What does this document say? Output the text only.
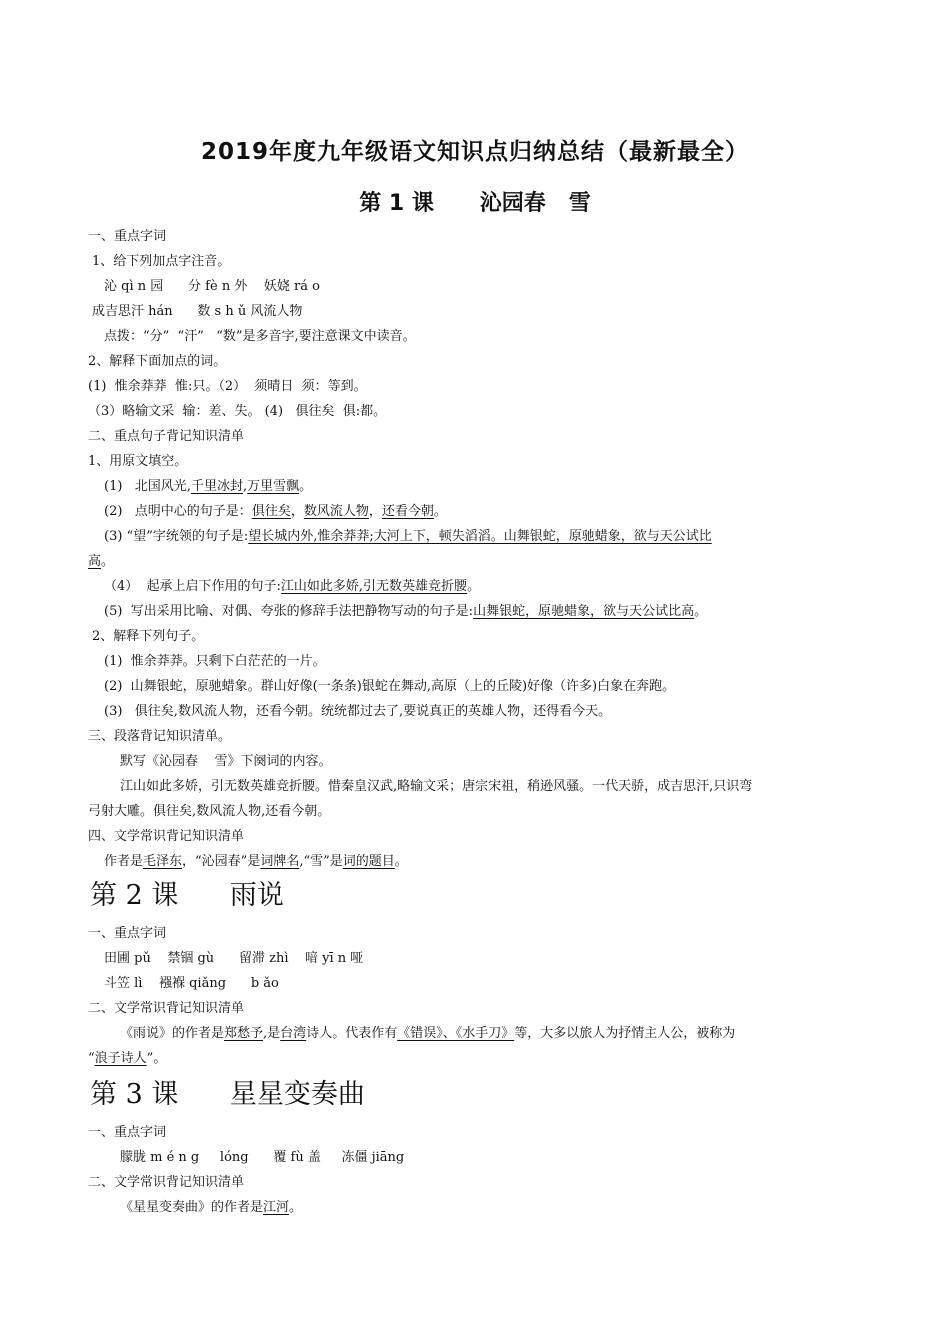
2019年度九年级语文知识点归纳总结（最新最全）
第 1 课      沁园春   雪
一、重点字词
1、给下列加点字注音。
沁 qì n 园      分 fè n 外    妖娆 rá o
成吉思汗 hán      数 s h ǔ 风流人物
点拨：“分”  “汗”   “数”是多音字,要注意课文中读音。
2、解释下面加点的词。
(1)  惟余莽莽  惟:只。（2）  须晴日  须：等到。
（3）略输文采  输：差、失。 (4)   俱往矣  俱:都。
二、重点句子背记知识清单
1、用原文填空。
(1)   北国风光,千里冰封,万里雪飘。
(2)   点明中心的句子是：俱往矣，数风流人物，还看今朝。
(3) “望”字统领的句子是:望长城内外,惟余莽莽;大河上下，顿失滔滔。山舞银蛇，原驰蜡象，欲与天公试比
高。
（4）  起承上启下作用的句子:江山如此多娇,引无数英雄竞折腰。
(5)  写出采用比喻、对偶、夸张的修辞手法把静物写动的句子是:山舞银蛇，原驰蜡象，欲与天公试比高。
2、解释下列句子。
(1)  惟余莽莽。只剩下白茫茫的一片。
(2)  山舞银蛇，原驰蜡象。群山好像(一条条)银蛇在舞动,高原（上的丘陵)好像（许多)白象在奔跑。
(3)   俱往矣,数风流人物，还看今朝。统统都过去了,要说真正的英雄人物，还得看今天。
三、段落背记知识清单。
默写《沁园春    雪》下阕词的内容。
江山如此多娇，引无数英雄竞折腰。惜秦皇汉武,略输文采；唐宗宋祖，稍逊风骚。一代天骄，成吉思汗,只识弯
弓射大雕。俱往矣,数风流人物,还看今朝。
四、文学常识背记知识清单
作者是毛泽东，“沁园春”是词牌名,“雪”是词的题目。
第 2 课      雨说
一、重点字词
田圃 pǔ    禁锢 gù      留滞 zhì    喑 yī n 哑
斗笠 lì    襁褓 qiǎng      b ǎo
二、文学常识背记知识清单
《雨说》的作者是郑愁予,是台湾诗人。代表作有《错误》、《水手刀》等，大多以旅人为抒情主人公，被称为
“浪子诗人”。
第 3 课      星星变奏曲
一、重点字词
朦胧 m é n g     lóng      覆 fù 盖     冻僵 jiāng
二、文学常识背记知识清单
《星星变奏曲》的作者是江河。
